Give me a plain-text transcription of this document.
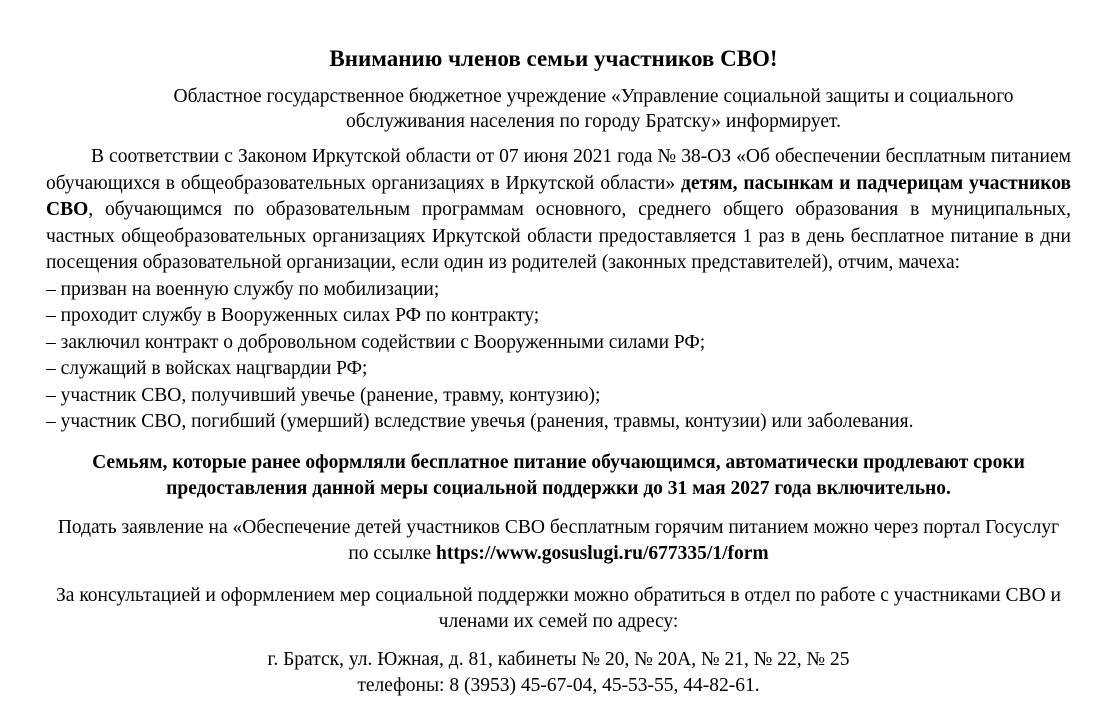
Вниманию членов семьи участников СВО!

Областное государственное бюджетное учреждение «Управление социальной защиты и социального обслуживания населения по городу Братску» информирует.

В соответствии с Законом Иркутской области от 07 июня 2021 года № 38-ОЗ «Об обеспечении бесплатным питанием обучающихся в общеобразовательных организациях в Иркутской области» детям, пасынкам и падчерицам участников СВО, обучающимся по образовательным программам основного, среднего общего образования в муниципальных, частных общеобразовательных организациях Иркутской области предоставляется 1 раз в день бесплатное питание в дни посещения образовательной организации, если один из родителей (законных представителей), отчим, мачеха:

– призван на военную службу по мобилизации;
– проходит службу в Вооруженных силах РФ по контракту;
– заключил контракт о добровольном содействии с Вооруженными силами РФ;
– служащий в войсках нацгвардии РФ;
– участник СВО, получивший увечье (ранение, травму, контузию);
– участник СВО, погибший (умерший) вследствие увечья (ранения, травмы, контузии) или заболевания.

Семьям, которые ранее оформляли бесплатное питание обучающимся, автоматически продлевают сроки предоставления данной меры социальной поддержки до 31 мая 2027 года включительно.

Подать заявление на «Обеспечение детей участников СВО бесплатным горячим питанием можно через портал Госуслуг по ссылке https://www.gosuslugi.ru/677335/1/form

За консультацией и оформлением мер социальной поддержки можно обратиться в отдел по работе с участниками СВО и членами их семей по адресу:

г. Братск, ул. Южная, д. 81, кабинеты № 20, № 20А, № 21, № 22, № 25
телефоны: 8 (3953) 45-67-04, 45-53-55, 44-82-61.
